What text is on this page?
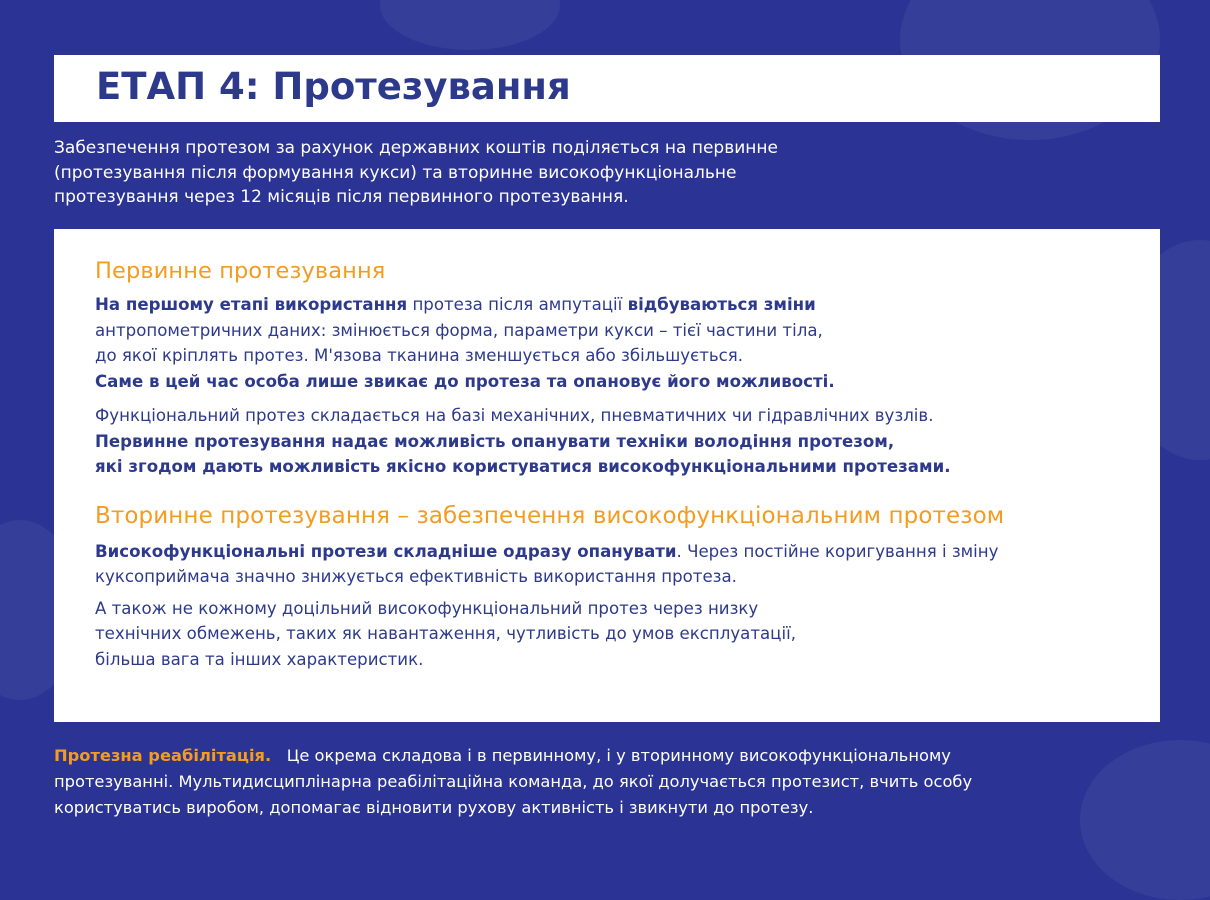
ЕТАП 4: Протезування

Забезпечення протезом за рахунок державних коштів поділяється на первинне
(протезування після формування кукси) та вторинне високофункціональне
протезування через 12 місяців після первинного протезування.

Первинне протезування

На першому етапі використання протеза після ампутації відбуваються зміни
антропометричних даних: змінюється форма, параметри кукси – тієї частини тіла,
до якої кріплять протез. М'язова тканина зменшується або збільшується.
Саме в цей час особа лише звикає до протеза та опановує його можливості.

Функціональний протез складається на базі механічних, пневматичних чи гідравлічних вузлів.
Первинне протезування надає можливість опанувати техніки володіння протезом,
які згодом дають можливість якісно користуватися високофункціональними протезами.

Вторинне протезування – забезпечення високофункціональним протезом

Високофункціональні протези складніше одразу опанувати. Через постійне коригування і зміну
куксоприймача значно знижується ефективність використання протеза.

А також не кожному доцільний високофункціональний протез через низку
технічних обмежень, таких як навантаження, чутливість до умов експлуатації,
більша вага та інших характеристик.

Протезна реабілітація. Це окрема складова і в первинному, і у вторинному високофункціональному
протезуванні. Мультидисциплінарна реабілітаційна команда, до якої долучається протезист, вчить особу
користуватись виробом, допомагає відновити рухову активність і звикнути до протезу.
